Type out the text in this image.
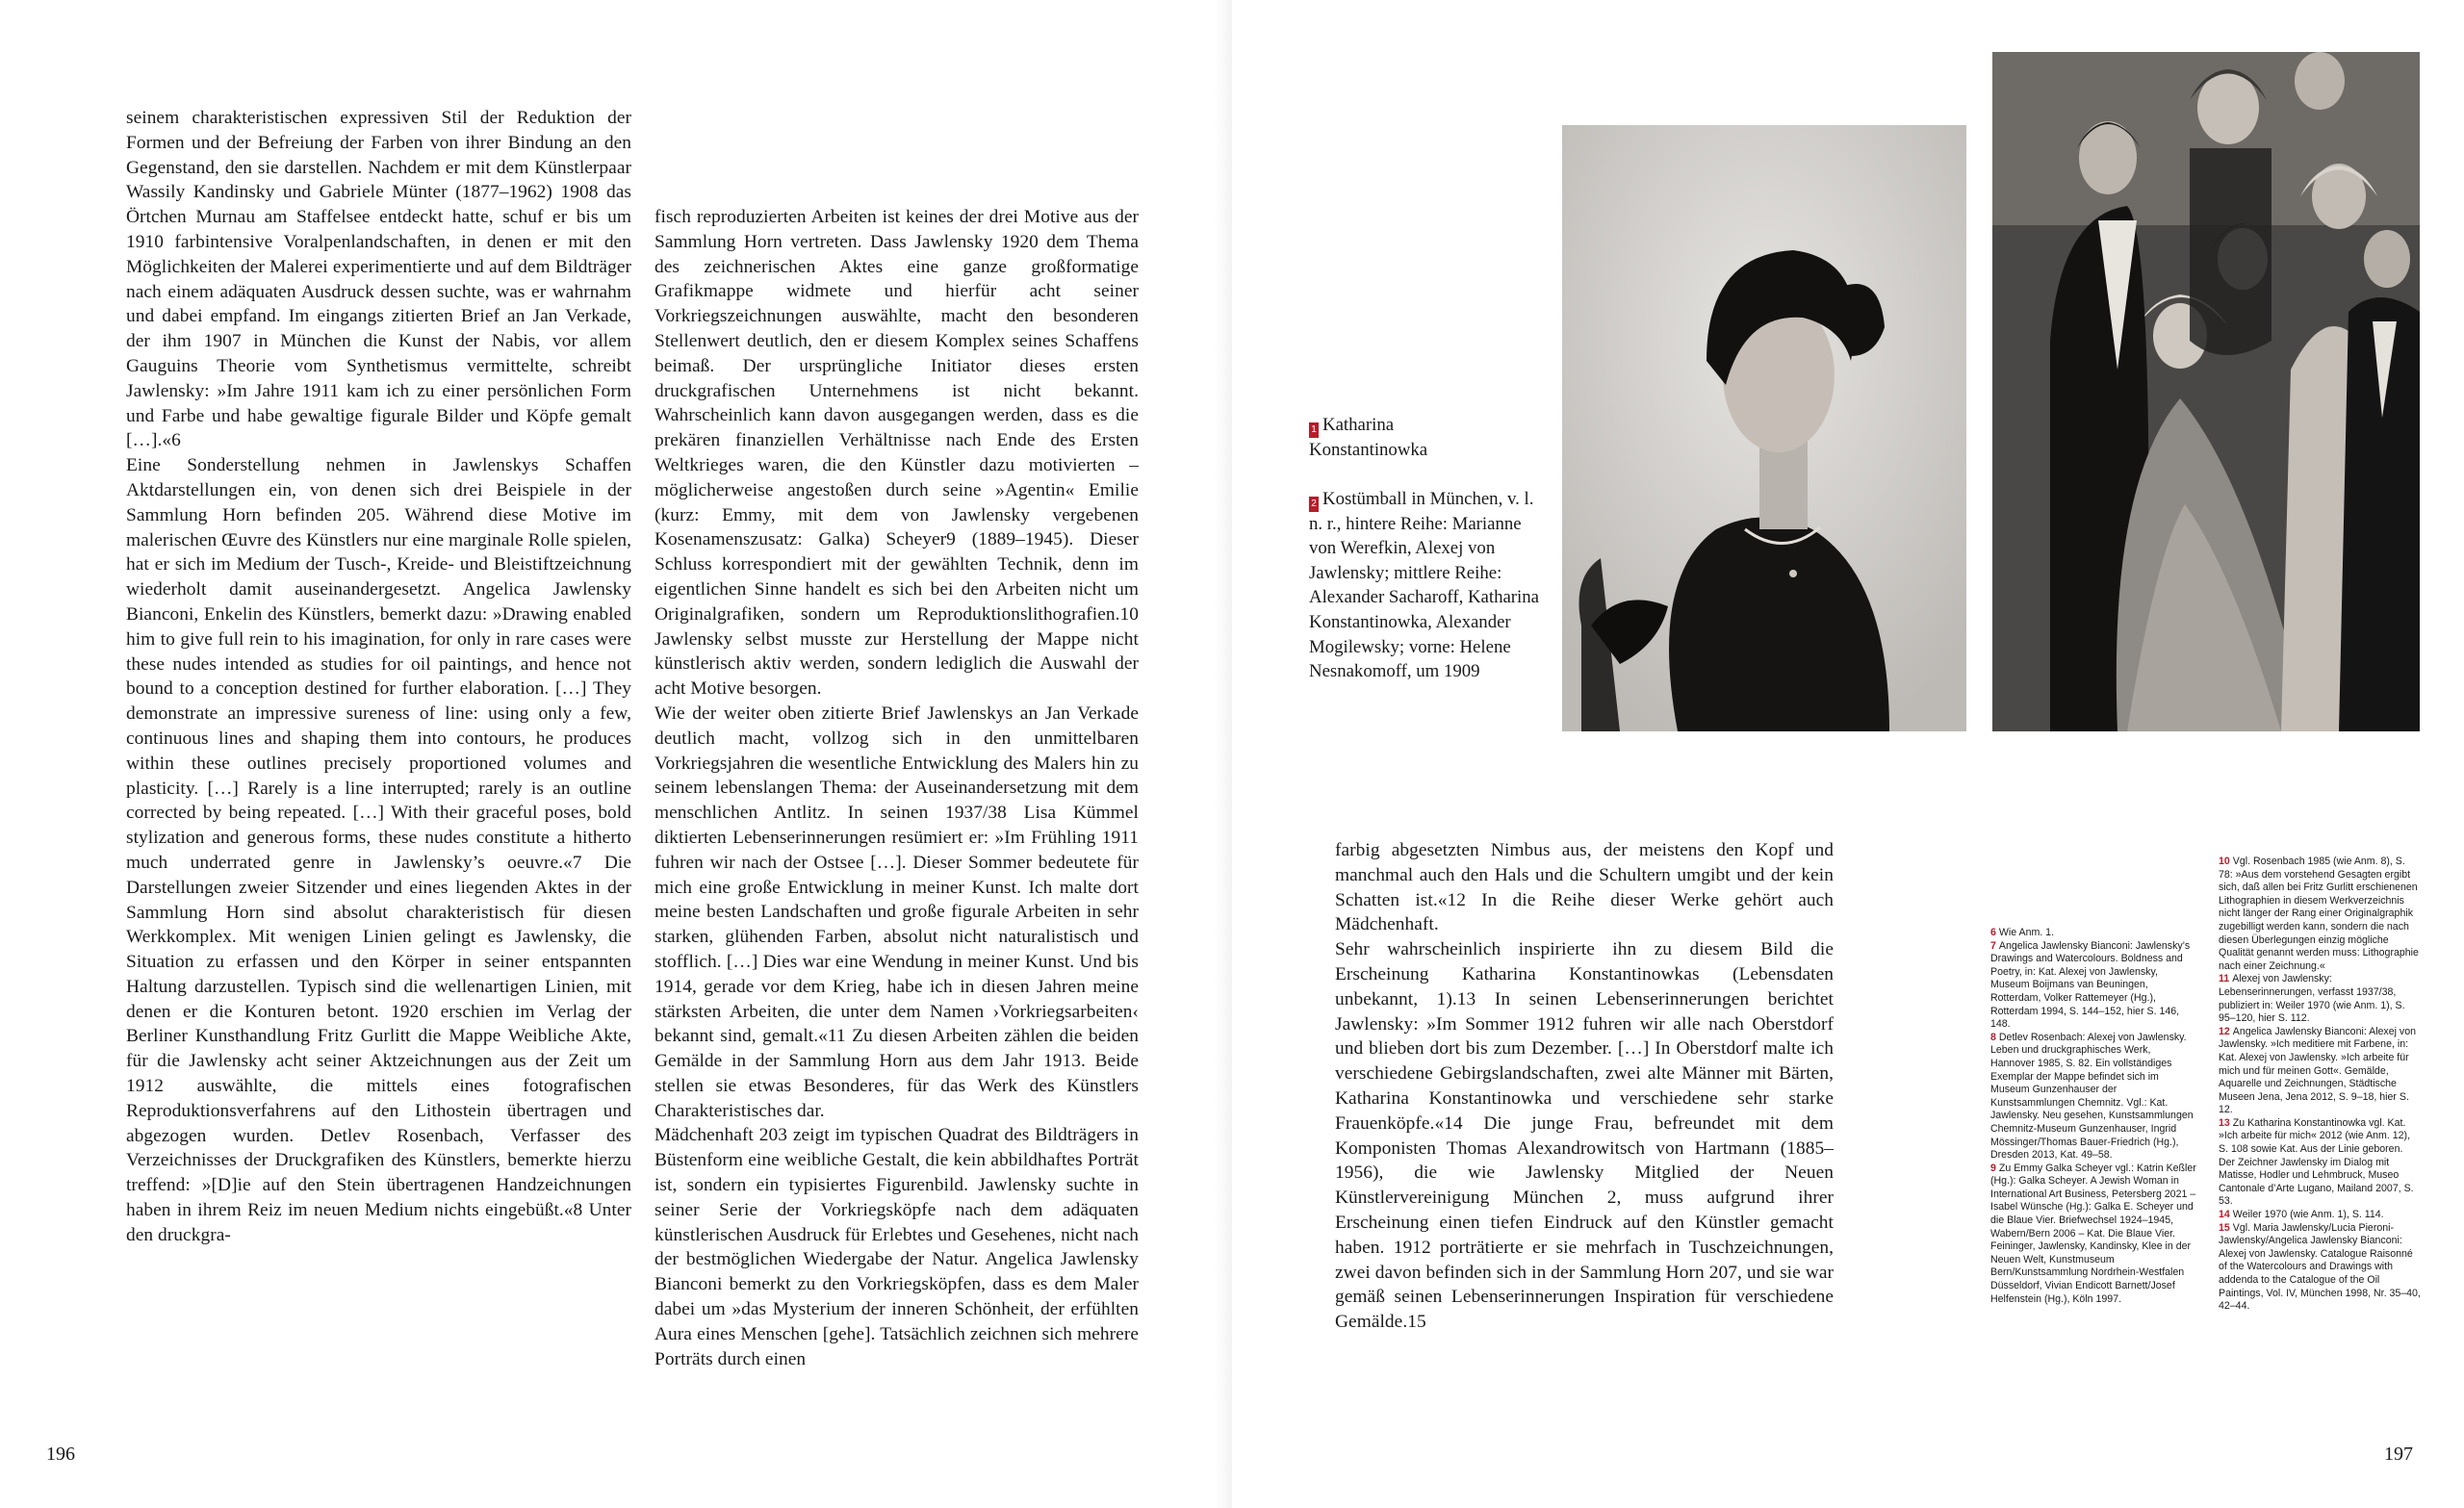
seinem charakteristischen expressiven Stil der Reduktion der Formen und der Befreiung der Farben von ihrer Bindung an den Gegenstand, den sie darstellen. Nachdem er mit dem Künstlerpaar Wassily Kandinsky und Gabriele Münter (1877–1962) 1908 das Örtchen Murnau am Staffelsee entdeckt hatte, schuf er bis um 1910 farbintensive Voralpenlandschaften, in denen er mit den Möglichkeiten der Malerei experimentierte und auf dem Bildträger nach einem adäquaten Ausdruck dessen suchte, was er wahrnahm und dabei empfand. Im eingangs zitierten Brief an Jan Verkade, der ihm 1907 in München die Kunst der Nabis, vor allem Gauguins Theorie vom Synthetismus vermittelte, schreibt Jawlensky: »Im Jahre 1911 kam ich zu einer persönlichen Form und Farbe und habe gewaltige figurale Bilder und Köpfe gemalt […].«6
Eine Sonderstellung nehmen in Jawlenskys Schaffen Aktdarstellungen ein, von denen sich drei Beispiele in der Sammlung Horn befinden 205. Während diese Motive im malerischen Œuvre des Künstlers nur eine marginale Rolle spielen, hat er sich im Medium der Tusch-, Kreide- und Bleistiftzeichnung wiederholt damit auseinandergesetzt. Angelica Jawlensky Bianconi, Enkelin des Künstlers, bemerkt dazu: »Drawing enabled him to give full rein to his imagination, for only in rare cases were these nudes intended as studies for oil paintings, and hence not bound to a conception destined for further elaboration. […] They demonstrate an impressive sureness of line: using only a few, continuous lines and shaping them into contours, he produces within these outlines precisely proportioned volumes and plasticity. […] Rarely is a line interrupted; rarely is an outline corrected by being repeated. […] With their graceful poses, bold stylization and generous forms, these nudes constitute a hitherto much underrated genre in Jawlensky’s oeuvre.«7 Die Darstellungen zweier Sitzender und eines liegenden Aktes in der Sammlung Horn sind absolut charakteristisch für diesen Werkkomplex. Mit wenigen Linien gelingt es Jawlensky, die Situation zu erfassen und den Körper in seiner entspannten Haltung darzustellen. Typisch sind die wellenartigen Linien, mit denen er die Konturen betont. 1920 erschien im Verlag der Berliner Kunsthandlung Fritz Gurlitt die Mappe Weibliche Akte, für die Jawlensky acht seiner Aktzeichnungen aus der Zeit um 1912 auswählte, die mittels eines fotografischen Reproduktionsverfahrens auf den Lithostein übertragen und abgezogen wurden. Detlev Rosenbach, Verfasser des Verzeichnisses der Druckgrafiken des Künstlers, bemerkte hierzu treffend: »[D]ie auf den Stein übertragenen Handzeichnungen haben in ihrem Reiz im neuen Medium nichts eingebüßt.«8 Unter den druckgra-
fisch reproduzierten Arbeiten ist keines der drei Motive aus der Sammlung Horn vertreten. Dass Jawlensky 1920 dem Thema des zeichnerischen Aktes eine ganze großformatige Grafikmappe widmete und hierfür acht seiner Vorkriegszeichnungen auswählte, macht den besonderen Stellenwert deutlich, den er diesem Komplex seines Schaffens beimaß. Der ursprüngliche Initiator dieses ersten druckgrafischen Unternehmens ist nicht bekannt. Wahrscheinlich kann davon ausgegangen werden, dass es die prekären finanziellen Verhältnisse nach Ende des Ersten Weltkrieges waren, die den Künstler dazu motivierten – möglicherweise angestoßen durch seine »Agentin« Emilie (kurz: Emmy, mit dem von Jawlensky vergebenen Kosenamenszusatz: Galka) Scheyer9 (1889–1945). Dieser Schluss korrespondiert mit der gewählten Technik, denn im eigentlichen Sinne handelt es sich bei den Arbeiten nicht um Originalgrafiken, sondern um Reproduktionslithografien.10 Jawlensky selbst musste zur Herstellung der Mappe nicht künstlerisch aktiv werden, sondern lediglich die Auswahl der acht Motive besorgen.
Wie der weiter oben zitierte Brief Jawlenskys an Jan Verkade deutlich macht, vollzog sich in den unmittelbaren Vorkriegsjahren die wesentliche Entwicklung des Malers hin zu seinem lebenslangen Thema: der Auseinandersetzung mit dem menschlichen Antlitz. In seinen 1937/38 Lisa Kümmel diktierten Lebenserinnerungen resümiert er: »Im Frühling 1911 fuhren wir nach der Ostsee […]. Dieser Sommer bedeutete für mich eine große Entwicklung in meiner Kunst. Ich malte dort meine besten Landschaften und große figurale Arbeiten in sehr starken, glühenden Farben, absolut nicht naturalistisch und stofflich. […] Dies war eine Wendung in meiner Kunst. Und bis 1914, gerade vor dem Krieg, habe ich in diesen Jahren meine stärksten Arbeiten, die unter dem Namen ›Vorkriegsarbeiten‹ bekannt sind, gemalt.«11 Zu diesen Arbeiten zählen die beiden Gemälde in der Sammlung Horn aus dem Jahr 1913. Beide stellen sie etwas Besonderes, für das Werk des Künstlers Charakteristisches dar.
Mädchenhaft 203 zeigt im typischen Quadrat des Bildträgers in Büstenform eine weibliche Gestalt, die kein abbildhaftes Porträt ist, sondern ein typisiertes Figurenbild. Jawlensky suchte in seiner Serie der Vorkriegsköpfe nach dem adäquaten künstlerischen Ausdruck für Erlebtes und Gesehenes, nicht nach der bestmöglichen Wiedergabe der Natur. Angelica Jawlensky Bianconi bemerkt zu den Vorkriegsköpfen, dass es dem Maler dabei um »das Mysterium der inneren Schönheit, der erfühlten Aura eines Menschen [gehe]. Tatsächlich zeichnen sich mehrere Porträts durch einen
196	197
1 Katharina
Konstantinowka
2 Kostümball in München, v. l. n. r., hintere Reihe: Marianne von Werefkin, Alexej von Jawlensky; mittlere Reihe: Alexander Sacharoff, Katharina Konstantinowka, Alexander Mogilewsky; vorne: Helene Nesnakomoff, um 1909
6 Wie Anm. 1.
7 Angelica Jawlensky Bianconi: Jawlensky’s Drawings and Watercolours. Boldness and Poetry, in: Kat. Alexej von Jawlensky, Museum Boijmans van Beuningen, Rotterdam, Volker Rattemeyer (Hg.), Rotterdam 1994, S. 144–152, hier S. 146, 148.
8 Detlev Rosenbach: Alexej von Jawlensky. Leben und druckgraphisches Werk, Hannover 1985, S. 82. Ein vollständiges Exemplar der Mappe befindet sich im Museum Gunzenhauser der Kunstsammlungen Chemnitz. Vgl.: Kat. Jawlensky. Neu gesehen, Kunstsammlungen Chemnitz-Museum Gunzenhauser, Ingrid Mössinger/Thomas Bauer-Friedrich (Hg.), Dresden 2013, Kat. 49–58.
9 Zu Emmy Galka Scheyer vgl.: Katrin Keßler (Hg.): Galka Scheyer. A Jewish Woman in International Art Business, Petersberg 2021 – Isabel Wünsche (Hg.): Galka E. Scheyer und die Blaue Vier. Briefwechsel 1924–1945, Wabern/Bern 2006 – Kat. Die Blaue Vier. Feininger, Jawlensky, Kandinsky, Klee in der Neuen Welt, Kunstmuseum Bern/Kunstsammlung Nordrhein-Westfalen Düsseldorf, Vivian Endicott Barnett/Josef Helfenstein (Hg.), Köln 1997.
10 Vgl. Rosenbach 1985 (wie Anm. 8), S. 78: »Aus dem vorstehend Gesagten ergibt sich, daß allen bei Fritz Gurlitt erschienenen Lithographien in diesem Werkverzeichnis nicht länger der Rang einer Originalgraphik zugebilligt werden kann, sondern die nach diesen Überlegungen einzig mögliche Qualität genannt werden muss: Lithographie nach einer Zeichnung.«
11 Alexej von Jawlensky: Lebenserinnerungen, verfasst 1937/38, publiziert in: Weiler 1970 (wie Anm. 1), S. 95–120, hier S. 112.
12 Angelica Jawlensky Bianconi: Alexej von Jawlensky. »Ich meditiere mit Farbene, in: Kat. Alexej von Jawlensky. »Ich arbeite für mich und für meinen Gott«. Gemälde, Aquarelle und Zeichnungen, Städtische Museen Jena, Jena 2012, S. 9–18, hier S. 12.
13 Zu Katharina Konstantinowka vgl. Kat. »Ich arbeite für mich« 2012 (wie Anm. 12), S. 108 sowie Kat. Aus der Linie geboren. Der Zeichner Jawlensky im Dialog mit Matisse, Hodler und Lehmbruck, Museo Cantonale d’Arte Lugano, Mailand 2007, S. 53.
14 Weiler 1970 (wie Anm. 1), S. 114.
15 Vgl. Maria Jawlensky/Lucia Pieroni-Jawlensky/Angelica Jawlensky Bianconi: Alexej von Jawlensky. Catalogue Raisonné of the Watercolours and Drawings with addenda to the Catalogue of the Oil Paintings, Vol. IV, München 1998, Nr. 35–40, 42–44.
farbig abgesetzten Nimbus aus, der meistens den Kopf und manchmal auch den Hals und die Schultern umgibt und der kein Schatten ist.«12 In die Reihe dieser Werke gehört auch Mädchenhaft.
Sehr wahrscheinlich inspirierte ihn zu diesem Bild die Erscheinung Katharina Konstantinowkas (Lebensdaten unbekannt, 1).13 In seinen Lebenserinnerungen berichtet Jawlensky: »Im Sommer 1912 fuhren wir alle nach Oberstdorf und blieben dort bis zum Dezember. […] In Oberstdorf malte ich verschiedene Gebirgslandschaften, zwei alte Männer mit Bärten, Katharina Konstantinowka und verschiedene sehr starke Frauenköpfe.«14 Die junge Frau, befreundet mit dem Komponisten Thomas Alexandrowitsch von Hartmann (1885–1956), die wie Jawlensky Mitglied der Neuen Künstlervereinigung München 2, muss aufgrund ihrer Erscheinung einen tiefen Eindruck auf den Künstler gemacht haben. 1912 porträtierte er sie mehrfach in Tuschzeichnungen, zwei davon befinden sich in der Sammlung Horn 207, und sie war gemäß seinen Lebenserinnerungen Inspiration für verschiedene Gemälde.15
